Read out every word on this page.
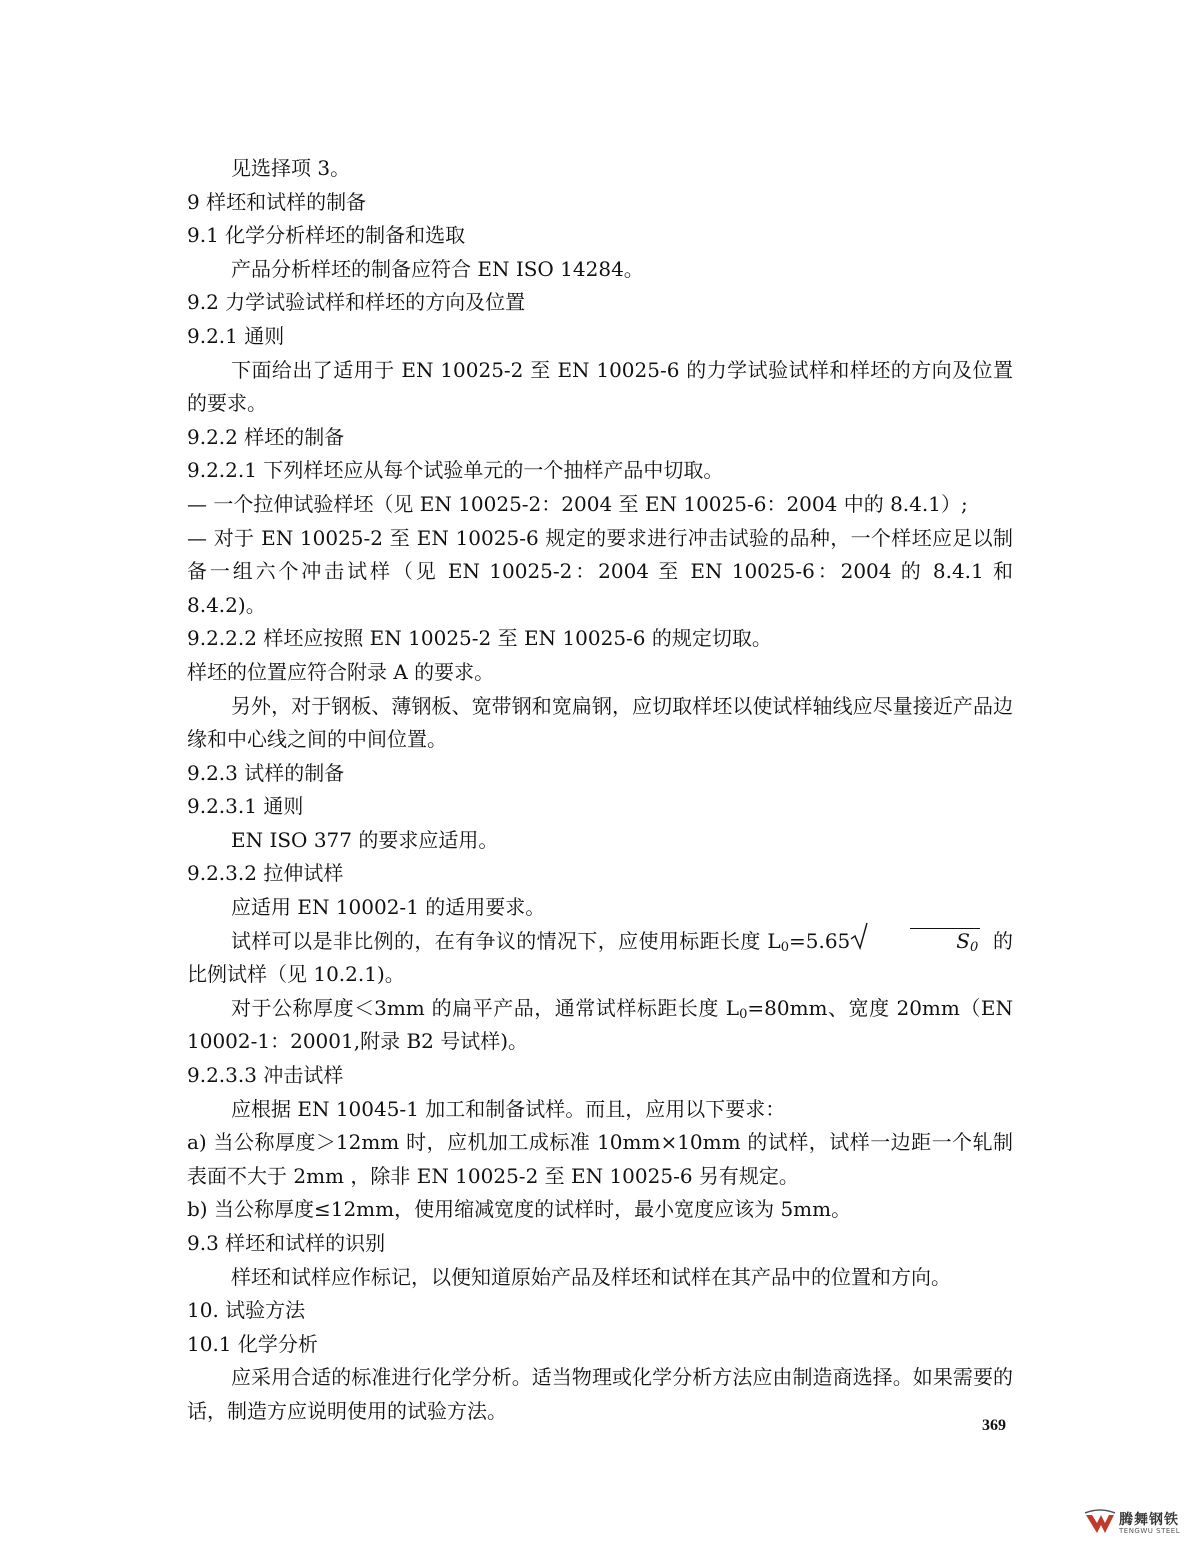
见选择项 3。
9 样坯和试样的制备
9.1 化学分析样坯的制备和选取
产品分析样坯的制备应符合 EN ISO 14284。
9.2 力学试验试样和样坯的方向及位置
9.2.1 通则
下面给出了适用于 EN 10025-2 至 EN 10025-6 的力学试验试样和样坯的方向及位置的要求。
9.2.2 样坯的制备
9.2.2.1 下列样坯应从每个试验单元的一个抽样产品中切取。
— 一个拉伸试验样坯（见 EN 10025-2：2004 至 EN 10025-6：2004 中的 8.4.1）;
— 对于 EN 10025-2 至 EN 10025-6 规定的要求进行冲击试验的品种，一个样坯应足以制备一组六个冲击试样（见 EN 10025-2：2004 至 EN 10025-6：2004 的 8.4.1 和 8.4.2)。
9.2.2.2 样坯应按照 EN 10025-2 至 EN 10025-6 的规定切取。
样坯的位置应符合附录 A 的要求。
另外，对于钢板、薄钢板、宽带钢和宽扁钢，应切取样坯以使试样轴线应尽量接近产品边缘和中心线之间的中间位置。
9.2.3 试样的制备
9.2.3.1 通则
EN ISO 377 的要求应适用。
9.2.3.2 拉伸试样
应适用 EN 10002-1 的适用要求。
试样可以是非比例的，在有争议的情况下，应使用标距长度 $L_0=5.65$	$S_0$ 的比例试样（见 10.2.1)。
对于公称厚度＜3mm 的扁平产品，通常试样标距长度 $L_0=80mm$、宽度 20mm（EN 10002-1：20001,附录 B2 号试样)。
9.2.3.3 冲击试样
应根据 EN 10045-1 加工和制备试样。而且，应用以下要求：
a) 当公称厚度＞12mm 时，应机加工成标准 10mm×10mm 的试样，试样一边距一个轧制表面不大于 2mm ，除非 EN 10025-2 至 EN 10025-6 另有规定。
b) 当公称厚度≤12mm，使用缩减宽度的试样时，最小宽度应该为 5mm。
9.3 样坯和试样的识别
样坯和试样应作标记，以便知道原始产品及样坯和试样在其产品中的位置和方向。
10. 试验方法
10.1 化学分析
应采用合适的标准进行化学分析。适当物理或化学分析方法应由制造商选择。如果需要的话，制造方应说明使用的试验方法。
369
腾舞钢铁
TENGWU STEEL
